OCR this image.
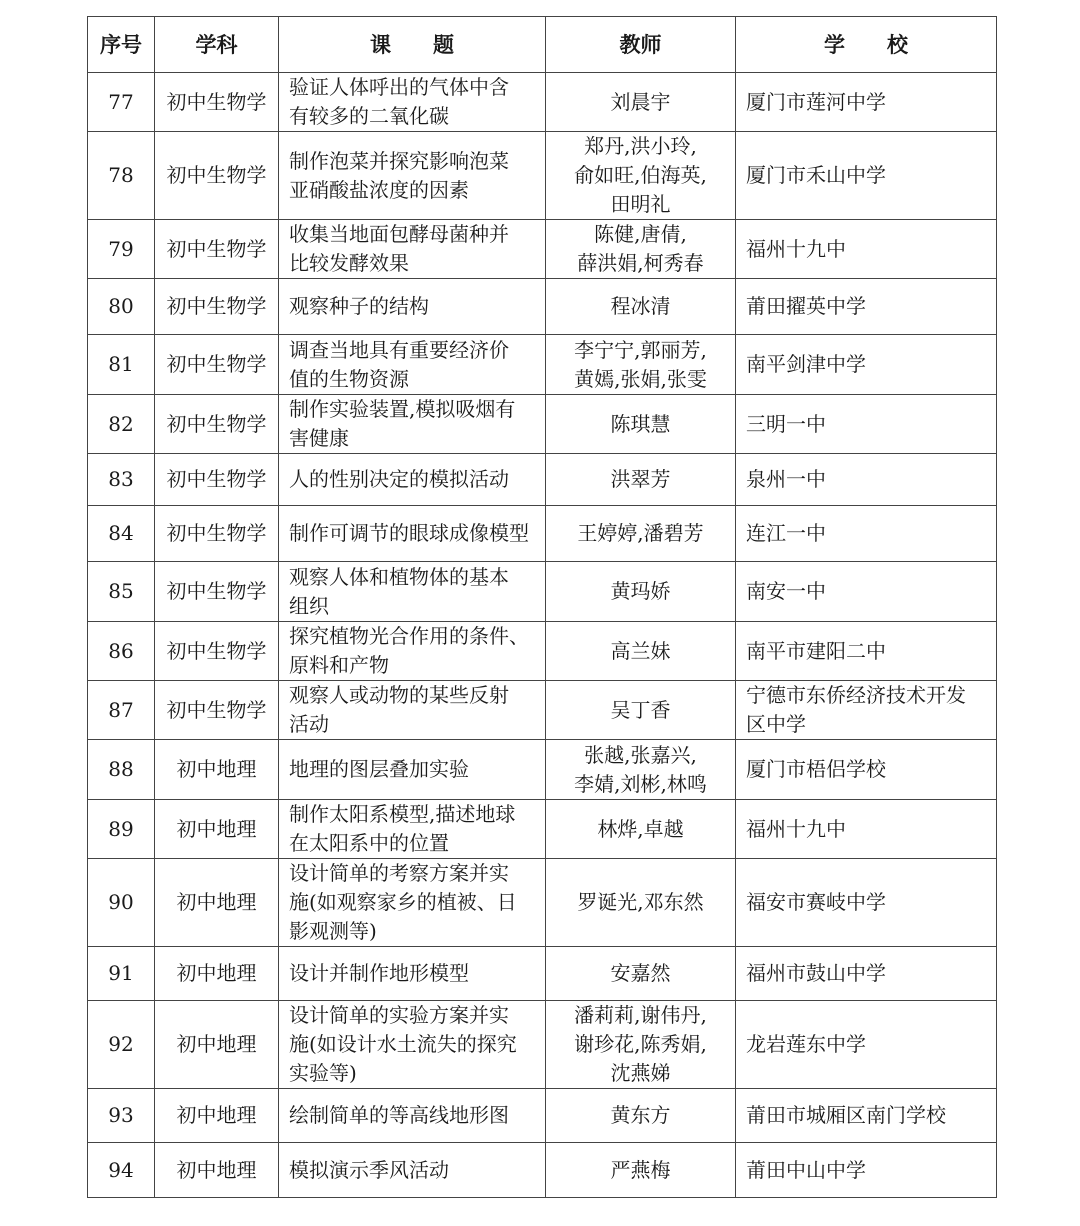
序号	学科	课　　题	教师	学　　校
77	初中生物学	验证人体呼出的气体中含
有较多的二氧化碳	刘晨宇	厦门市莲河中学

78	初中生物学	制作泡菜并探究影响泡菜
亚硝酸盐浓度的因素	郑丹,洪小玲,
俞如旺,伯海英,
田明礼	厦门市禾山中学

79	初中生物学	收集当地面包酵母菌种并
比较发酵效果	陈健,唐倩,
薛洪娟,柯秀春	福州十九中

80	初中生物学	观察种子的结构	程冰清	莆田擢英中学

81	初中生物学	调查当地具有重要经济价
值的生物资源	李宁宁,郭丽芳,
黄嫣,张娟,张雯	南平剑津中学

82	初中生物学	制作实验装置,模拟吸烟有
害健康	陈琪慧	三明一中

83	初中生物学	人的性别决定的模拟活动	洪翠芳	泉州一中

84	初中生物学	制作可调节的眼球成像模型	王婷婷,潘碧芳	连江一中

85	初中生物学	观察人体和植物体的基本
组织	黄玛娇	南安一中

86	初中生物学	探究植物光合作用的条件、
原料和产物	高兰妹	南平市建阳二中

87	初中生物学	观察人或动物的某些反射
活动	吴丁香	宁德市东侨经济技术开发
区中学

88	初中地理	地理的图层叠加实验	张越,张嘉兴,
李婧,刘彬,林鸣	厦门市梧侣学校

89	初中地理	制作太阳系模型,描述地球
在太阳系中的位置	林烨,卓越	福州十九中

90	初中地理	设计简单的考察方案并实
施(如观察家乡的植被、日
影观测等)	罗诞光,邓东然	福安市赛岐中学

91	初中地理	设计并制作地形模型	安嘉然	福州市鼓山中学

92	初中地理	设计简单的实验方案并实
施(如设计水土流失的探究
实验等)	潘莉莉,谢伟丹,
谢珍花,陈秀娟,
沈燕娣	龙岩莲东中学

93	初中地理	绘制简单的等高线地形图	黄东方	莆田市城厢区南门学校

94	初中地理	模拟演示季风活动	严燕梅	莆田中山中学
